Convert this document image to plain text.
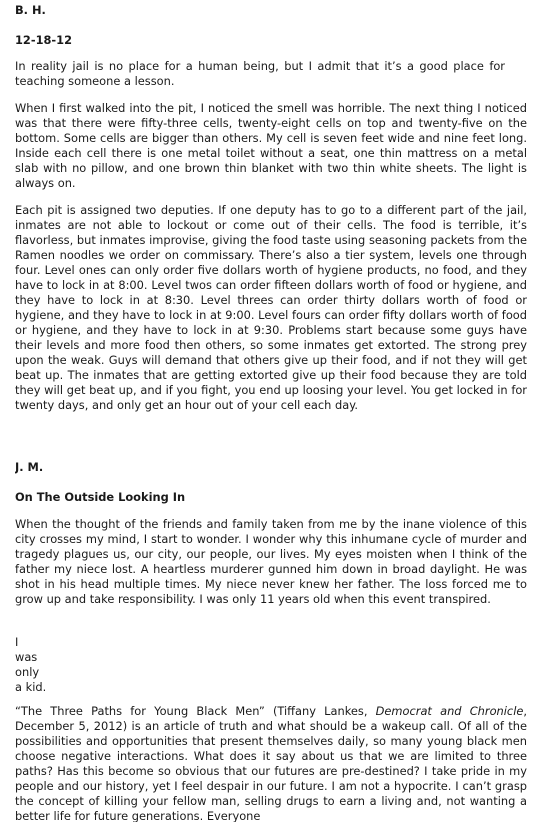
B. H.
12-18-12

In reality jail is no place for a human being, but I admit that it’s a good place for teaching someone a lesson.

When I first walked into the pit, I noticed the smell was horrible. The next thing I noticed was that there were fifty-three cells, twenty-eight cells on top and twenty-five on the bottom. Some cells are bigger than others. My cell is seven feet wide and nine feet long. Inside each cell there is one metal toilet without a seat, one thin mattress on a metal slab with no pillow, and one brown thin blanket with two thin white sheets. The light is always on.

Each pit is assigned two deputies. If one deputy has to go to a different part of the jail, inmates are not able to lockout or come out of their cells. The food is terrible, it’s flavorless, but inmates improvise, giving the food taste using seasoning packets from the Ramen noodles we order on commissary. There’s also a tier system, levels one through four. Level ones can only order five dollars worth of hygiene products, no food, and they have to lock in at 8:00. Level twos can order fifteen dollars worth of food or hygiene, and they have to lock in at 8:30. Level threes can order thirty dollars worth of food or hygiene, and they have to lock in at 9:00. Level fours can order fifty dollars worth of food or hygiene, and they have to lock in at 9:30. Problems start because some guys have their levels and more food then others, so some inmates get extorted. The strong prey upon the weak. Guys will demand that others give up their food, and if not they will get beat up. The inmates that are getting extorted give up their food because they are told they will get beat up, and if you fight, you end up loosing your level. You get locked in for twenty days, and only get an hour out of your cell each day.

J. M.
On The Outside Looking In

When the thought of the friends and family taken from me by the inane violence of this city crosses my mind, I start to wonder. I wonder why this inhumane cycle of murder and tragedy plagues us, our city, our people, our lives. My eyes moisten when I think of the father my niece lost. A heartless murderer gunned him down in broad daylight. He was shot in his head multiple times. My niece never knew her father. The loss forced me to grow up and take responsibility. I was only 11 years old when this event transpired.

I
was
only
a kid.

“The Three Paths for Young Black Men” (Tiffany Lankes, Democrat and Chronicle, December 5, 2012) is an article of truth and what should be a wakeup call. Of all of the possibilities and opportunities that present themselves daily, so many young black men choose negative interactions. What does it say about us that we are limited to three paths? Has this become so obvious that our futures are pre-destined? I take pride in my people and our history, yet I feel despair in our future. I am not a hypocrite. I can’t grasp the concept of killing your fellow man, selling drugs to earn a living and, not wanting a better life for future generations. Everyone
